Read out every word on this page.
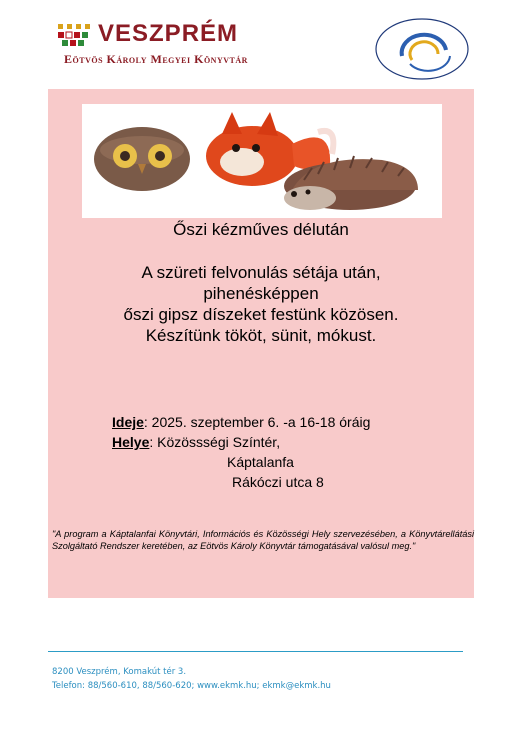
VESZPRÉM
Eötvös Károly Megyei Könyvtár
Őszi kézműves délután
A szüreti felvonulás sétája után,
pihenésképpen
őszi gipsz díszeket festünk közösen.
Készítünk tököt, sünit, mókust.
Ideje: 2025. szeptember 6. -a 16-18 óráig
Helye: Közössségi Színtér,
Káptalanfa
Rákóczi utca 8
"A program a Káptalanfai Könyvtári, Információs és Közösségi Hely szervezésében, a Könyvtárellátási Szolgáltató Rendszer keretében, az Eötvös Károly Könyvtár támogatásával valósul meg."
8200 Veszprém, Komakút tér 3.
Telefon: 88/560-610, 88/560-620; www.ekmk.hu; ekmk@ekmk.hu
